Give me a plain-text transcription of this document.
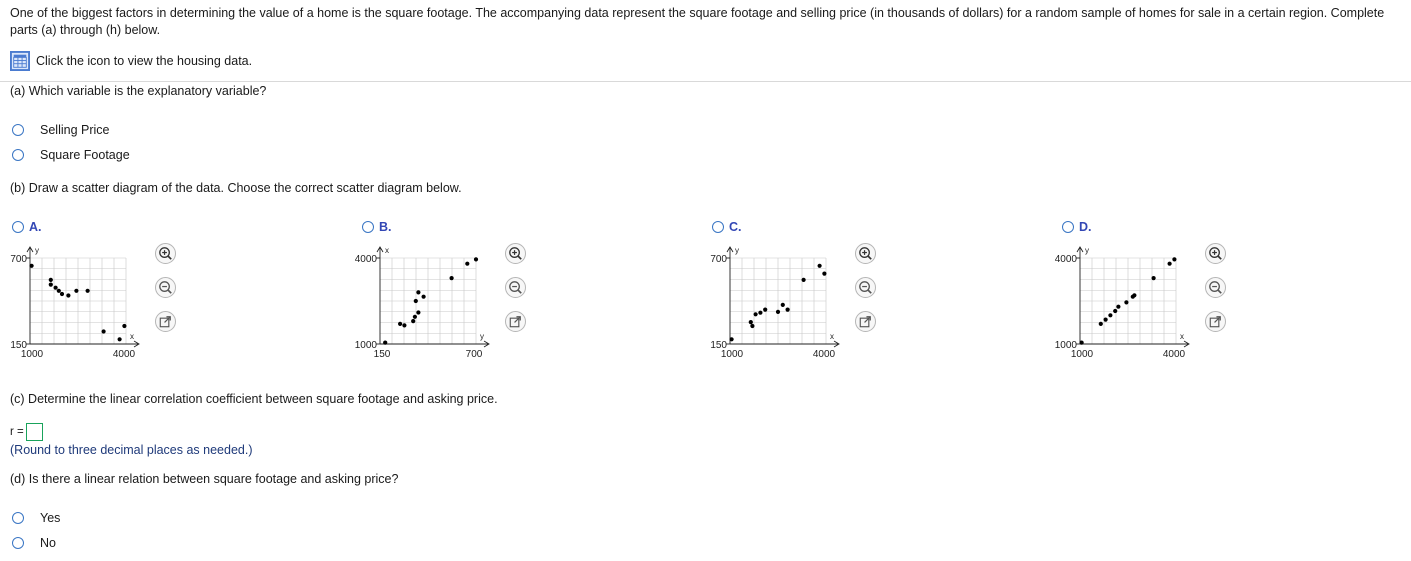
One of the biggest factors in determining the value of a home is the square footage. The accompanying data represent the square footage and selling price (in thousands of dollars) for a random sample of homes for sale in a certain region. Complete parts (a) through (h) below.
Click the icon to view the housing data.
(a) Which variable is the explanatory variable?
Selling Price
Square Footage
(b) Draw a scatter diagram of the data. Choose the correct scatter diagram below.
A.
700
150
1000	4000
y
x
B.
4000
1000
150	700
x
y
C.
700
150
1000	4000
y
x
D.
4000
1000
1000	4000
y
x
(c) Determine the linear correlation coefficient between square footage and asking price.
r =
(Round to three decimal places as needed.)
(d) Is there a linear relation between square footage and asking price?
Yes
No
